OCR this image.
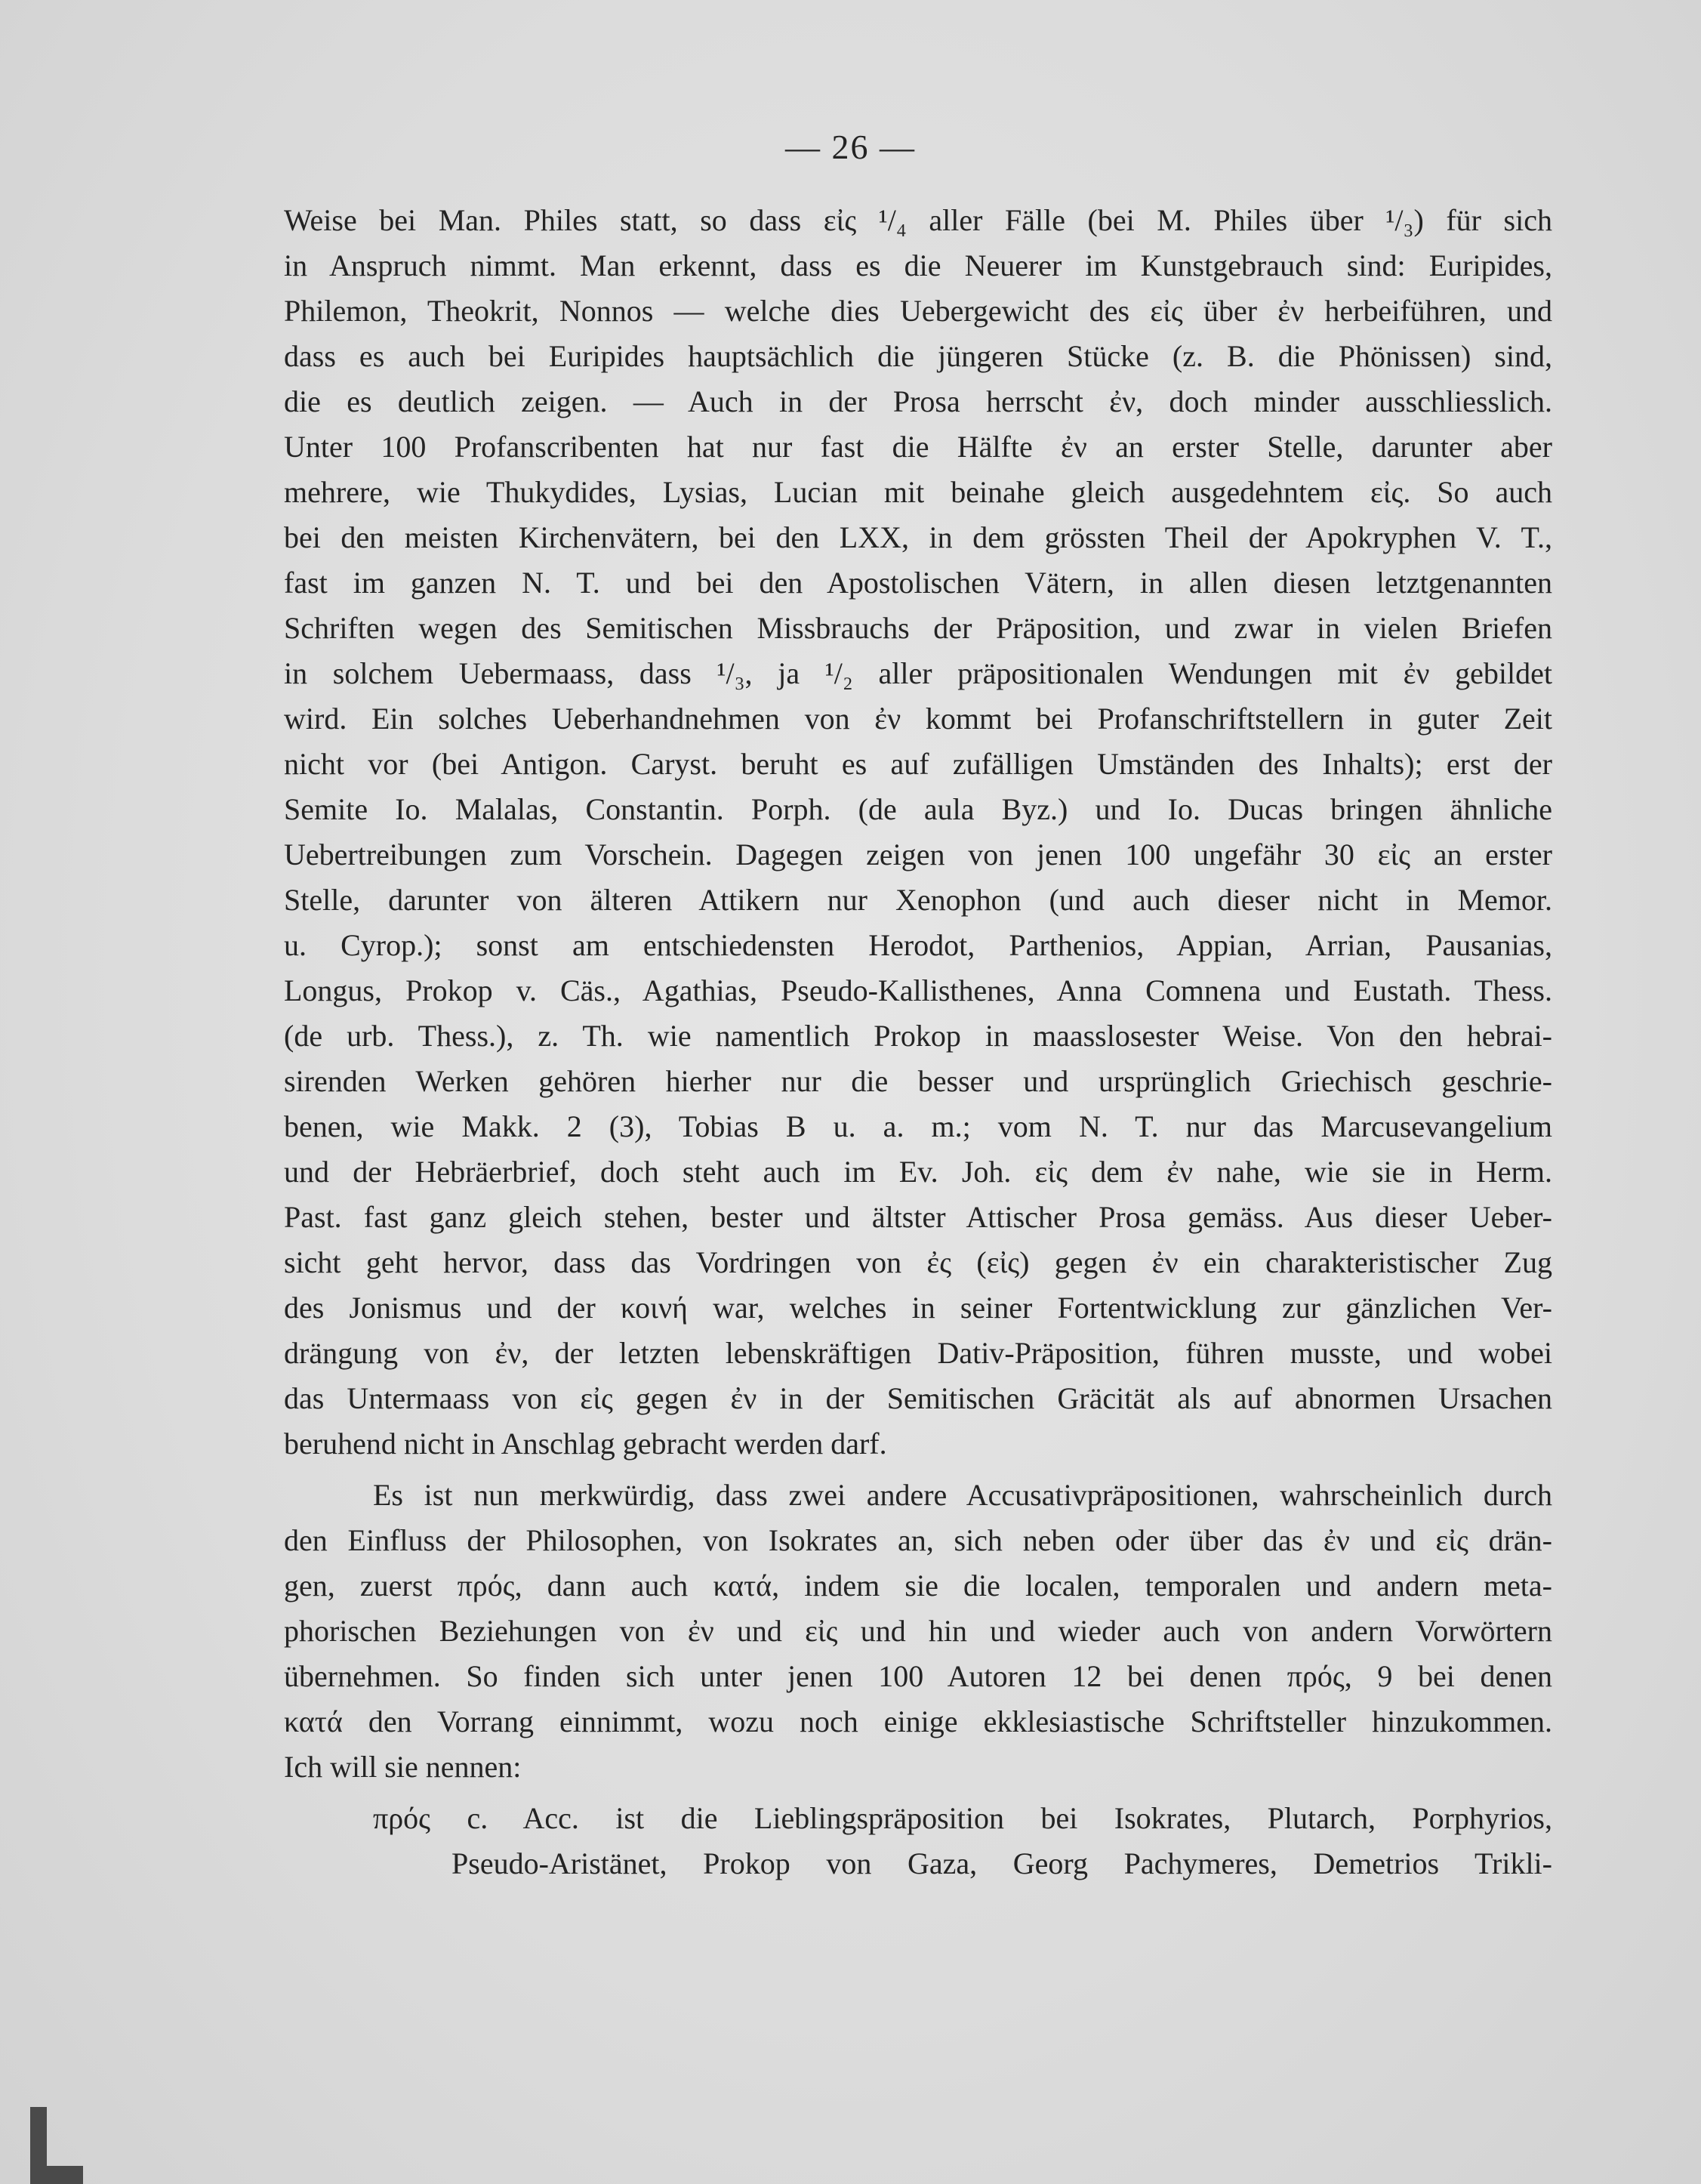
— 26 —
Weise bei Man. Philes statt, so dass εἰς ¹/₄ aller Fälle (bei M. Philes über ¹/₃) für sich
in Anspruch nimmt. Man erkennt, dass es die Neuerer im Kunstgebrauch sind: Euripides,
Philemon, Theokrit, Nonnos — welche dies Uebergewicht des εἰς über ἐν herbeiführen, und
dass es auch bei Euripides hauptsächlich die jüngeren Stücke (z. B. die Phönissen) sind,
die es deutlich zeigen. — Auch in der Prosa herrscht ἐν, doch minder ausschliesslich.
Unter 100 Profanscribenten hat nur fast die Hälfte ἐν an erster Stelle, darunter aber
mehrere, wie Thukydides, Lysias, Lucian mit beinahe gleich ausgedehntem εἰς. So auch
bei den meisten Kirchenvätern, bei den LXX, in dem grössten Theil der Apokryphen V. T.,
fast im ganzen N. T. und bei den Apostolischen Vätern, in allen diesen letztgenannten
Schriften wegen des Semitischen Missbrauchs der Präposition, und zwar in vielen Briefen
in solchem Uebermaass, dass ¹/₃, ja ¹/₂ aller präpositionalen Wendungen mit ἐν gebildet
wird. Ein solches Ueberhandnehmen von ἐν kommt bei Profanschriftstellern in guter Zeit
nicht vor (bei Antigon. Caryst. beruht es auf zufälligen Umständen des Inhalts); erst der
Semite Io. Malalas, Constantin. Porph. (de aula Byz.) und Io. Ducas bringen ähnliche
Uebertreibungen zum Vorschein. Dagegen zeigen von jenen 100 ungefähr 30 εἰς an erster
Stelle, darunter von älteren Attikern nur Xenophon (und auch dieser nicht in Memor.
u. Cyrop.); sonst am entschiedensten Herodot, Parthenios, Appian, Arrian, Pausanias,
Longus, Prokop v. Cäs., Agathias, Pseudo-Kallisthenes, Anna Comnena und Eustath. Thess.
(de urb. Thess.), z. Th. wie namentlich Prokop in maasslosester Weise. Von den hebrai-
sirenden Werken gehören hierher nur die besser und ursprünglich Griechisch geschrie-
benen, wie Makk. 2 (3), Tobias B u. a. m.; vom N. T. nur das Marcusevangelium
und der Hebräerbrief, doch steht auch im Ev. Joh. εἰς dem ἐν nahe, wie sie in Herm.
Past. fast ganz gleich stehen, bester und ältster Attischer Prosa gemäss. Aus dieser Ueber-
sicht geht hervor, dass das Vordringen von ἐς (εἰς) gegen ἐν ein charakteristischer Zug
des Jonismus und der κοινή war, welches in seiner Fortentwicklung zur gänzlichen Ver-
drängung von ἐν, der letzten lebenskräftigen Dativ-Präposition, führen musste, und wobei
das Untermaass von εἰς gegen ἐν in der Semitischen Gräcität als auf abnormen Ursachen
beruhend nicht in Anschlag gebracht werden darf.
Es ist nun merkwürdig, dass zwei andere Accusativpräpositionen, wahrscheinlich durch
den Einfluss der Philosophen, von Isokrates an, sich neben oder über das ἐν und εἰς drän-
gen, zuerst πρός, dann auch κατά, indem sie die localen, temporalen und andern meta-
phorischen Beziehungen von ἐν und εἰς und hin und wieder auch von andern Vorwörtern
übernehmen. So finden sich unter jenen 100 Autoren 12 bei denen πρός, 9 bei denen
κατά den Vorrang einnimmt, wozu noch einige ekklesiastische Schriftsteller hinzukommen.
Ich will sie nennen:
πρός c. Acc. ist die Lieblingspräposition bei Isokrates, Plutarch, Porphyrios,
Pseudo-Aristänet, Prokop von Gaza, Georg Pachymeres, Demetrios Trikli-
